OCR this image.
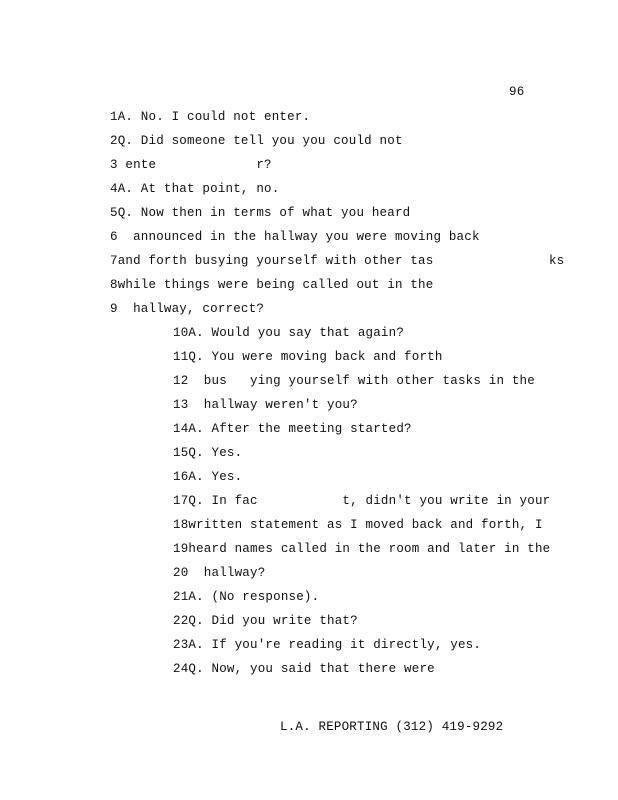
96
1A. No. I could not enter.
2Q. Did someone tell you you could not
3 ente             r?
4A. At that point, no.
5Q. Now then in terms of what you heard
6  announced in the hallway you were moving back
7and forth busying yourself with other tas               ks
8while things were being called out in the
9  hallway, correct?
10A. Would you say that again?
11Q. You were moving back and forth
12  bus   ying yourself with other tasks in the
13  hallway weren't you?
14A. After the meeting started?
15Q. Yes.
16A. Yes.
17Q. In fac           t, didn't you write in your
18written statement as I moved back and forth, I
19heard names called in the room and later in the
20  hallway?
21A. (No response).
22Q. Did you write that?
23A. If you're reading it directly, yes.
24Q. Now, you said that there were
L.A. REPORTING (312) 419-9292
